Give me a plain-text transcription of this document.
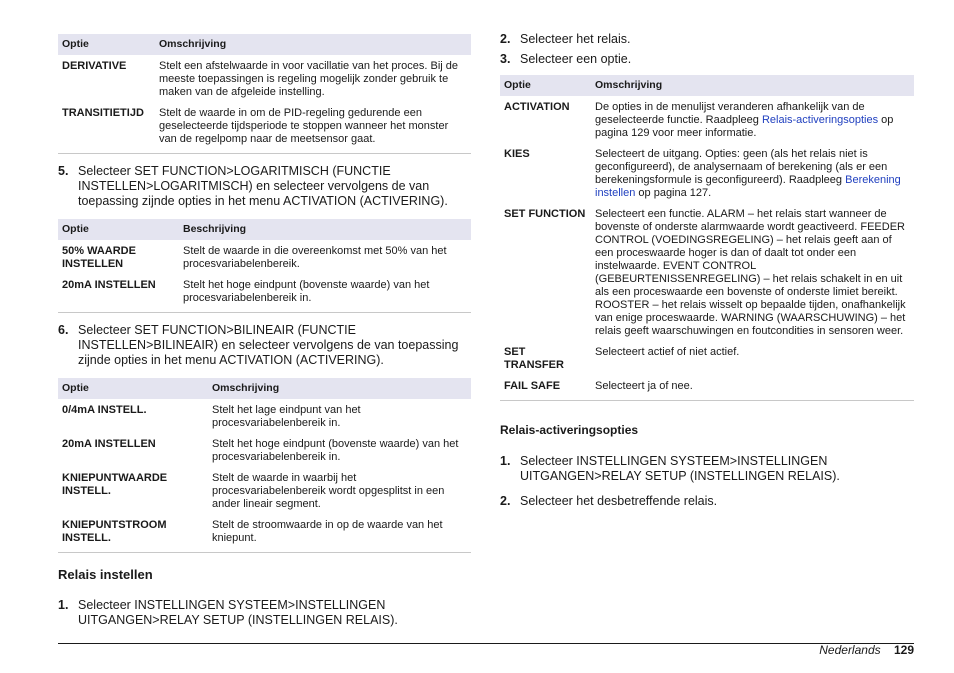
Optie	Omschrijving
DERIVATIVE	Stelt een afstelwaarde in voor vacillatie van het proces. Bij de meeste toepassingen is regeling mogelijk zonder gebruik te maken van de afgeleide instelling.
TRANSITIETIJD	Stelt de waarde in om de PID-regeling gedurende een geselecteerde tijdsperiode te stoppen wanneer het monster van de regelpomp naar de meetsensor gaat.
5. Selecteer SET FUNCTION>LOGARITMISCH (FUNCTIE INSTELLEN>LOGARITMISCH) en selecteer vervolgens de van toepassing zijnde opties in het menu ACTIVATION (ACTIVERING).
Optie	Beschrijving
50% WAARDE INSTELLEN	Stelt de waarde in die overeenkomst met 50% van het procesvariabelenbereik.
20mA INSTELLEN	Stelt het hoge eindpunt (bovenste waarde) van het procesvariabelenbereik in.
6. Selecteer SET FUNCTION>BILINEAIR (FUNCTIE INSTELLEN>BILINEAIR) en selecteer vervolgens de van toepassing zijnde opties in het menu ACTIVATION (ACTIVERING).
Optie	Omschrijving
0/4mA INSTELL.	Stelt het lage eindpunt van het procesvariabelenbereik in.
20mA INSTELLEN	Stelt het hoge eindpunt (bovenste waarde) van het procesvariabelenbereik in.
KNIEPUNTWAARDE INSTELL.	Stelt de waarde in waarbij het procesvariabelenbereik wordt opgesplitst in een ander lineair segment.
KNIEPUNTSTROOM INSTELL.	Stelt de stroomwaarde in op de waarde van het kniepunt.
Relais instellen
1. Selecteer INSTELLINGEN SYSTEEM>INSTELLINGEN UITGANGEN>RELAY SETUP (INSTELLINGEN RELAIS).
2. Selecteer het relais.
3. Selecteer een optie.
Optie	Omschrijving
ACTIVATION	De opties in de menulijst veranderen afhankelijk van de geselecteerde functie. Raadpleeg Relais-activeringsopties op pagina 129 voor meer informatie.
KIES	Selecteert de uitgang. Opties: geen (als het relais niet is geconfigureerd), de analysernaam of berekening (als er een berekeningsformule is geconfigureerd). Raadpleeg Berekening instellen op pagina 127.
SET FUNCTION	Selecteert een functie. ALARM – het relais start wanneer de bovenste of onderste alarmwaarde wordt geactiveerd. FEEDER CONTROL (VOEDINGSREGELING) – het relais geeft aan of een proceswaarde hoger is dan of daalt tot onder een instelwaarde. EVENT CONTROL (GEBEURTENISSENREGELING) – het relais schakelt in en uit als een proceswaarde een bovenste of onderste limiet bereikt. ROOSTER – het relais wisselt op bepaalde tijden, onafhankelijk van enige proceswaarde. WARNING (WAARSCHUWING) – het relais geeft waarschuwingen en foutcondities in sensoren weer.
SET TRANSFER	Selecteert actief of niet actief.
FAIL SAFE	Selecteert ja of nee.
Relais-activeringsopties
1. Selecteer INSTELLINGEN SYSTEEM>INSTELLINGEN UITGANGEN>RELAY SETUP (INSTELLINGEN RELAIS).
2. Selecteer het desbetreffende relais.
Nederlands 129
